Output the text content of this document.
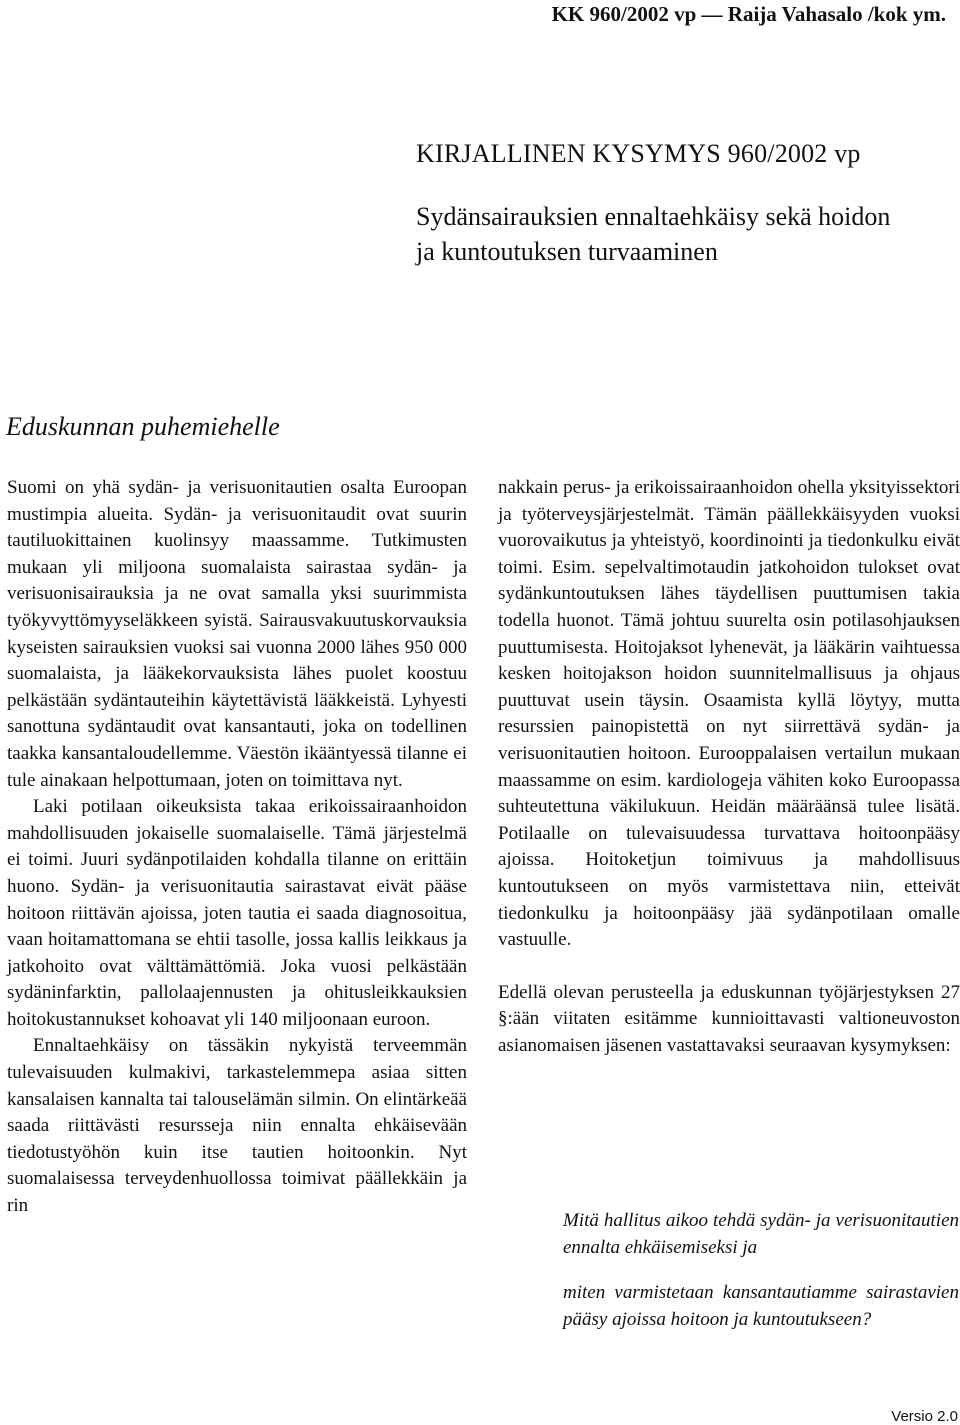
KK 960/2002 vp — Raija Vahasalo /kok ym.
KIRJALLINEN KYSYMYS 960/2002 vp
Sydänsairauksien ennaltaehkäisy sekä hoidon
ja kuntoutuksen turvaaminen
Eduskunnan puhemiehelle

Suomi on yhä sydän- ja verisuonitautien osalta Euroopan mustimpia alueita. Sydän- ja verisuonitaudit ovat suurin tautiluokittainen kuolinsyy maassamme. Tutkimusten mukaan yli miljoona suomalaista sairastaa sydän- ja verisuonisairauksia ja ne ovat samalla yksi suurimmista työkyvyttömyyseläkkeen syistä. Sairausvakuutuskorvauksia kyseisten sairauksien vuoksi sai vuonna 2000 lähes 950 000 suomalaista, ja lääkekorvauksista lähes puolet koostuu pelkästään sydäntauteihin käytettävistä lääkkeistä. Lyhyesti sanottuna sydäntaudit ovat kansantauti, joka on todellinen taakka kansantaloudellemme. Väestön ikääntyessä tilanne ei tule ainakaan helpottumaan, joten on toimittava nyt.

Laki potilaan oikeuksista takaa erikoissairaanhoidon mahdollisuuden jokaiselle suomalaiselle. Tämä järjestelmä ei toimi. Juuri sydänpotilaiden kohdalla tilanne on erittäin huono. Sydän- ja verisuonitautia sairastavat eivät pääse hoitoon riittävän ajoissa, joten tautia ei saada diagnosoitua, vaan hoitamattomana se ehtii tasolle, jossa kallis leikkaus ja jatkohoito ovat välttämättömiä. Joka vuosi pelkästään sydäninfarktin, pallolaajennusten ja ohitusleikkauksien hoitokustannukset kohoavat yli 140 miljoonaan euroon.

Ennaltaehkäisy on tässäkin nykyistä terveemmän tulevaisuuden kulmakivi, tarkastelemmepa asiaa sitten kansalaisen kannalta tai talouselämän silmin. On elintärkeää saada riittävästi resursseja niin ennalta ehkäisevään tiedotustyöhön kuin itse tautien hoitoonkin. Nyt suomalaisessa terveydenhuollossa toimivat päällekkäin ja rin

nakkain perus- ja erikoissairaanhoidon ohella yksityissektori ja työterveysjärjestelmät. Tämän päällekkäisyyden vuoksi vuorovaikutus ja yhteistyö, koordinointi ja tiedonkulku eivät toimi. Esim. sepelvaltimotaudin jatkohoidon tulokset ovat sydänkuntoutuksen lähes täydellisen puuttumisen takia todella huonot. Tämä johtuu suurelta osin potilasohjauksen puuttumisesta. Hoitojaksot lyhenevät, ja lääkärin vaihtuessa kesken hoitojakson hoidon suunnitelmallisuus ja ohjaus puuttuvat usein täysin. Osaamista kyllä löytyy, mutta resurssien painopistettä on nyt siirrettävä sydän- ja verisuonitautien hoitoon. Eurooppalaisen vertailun mukaan maassamme on esim. kardiologeja vähiten koko Euroopassa suhteutettuna väkilukuun. Heidän määräänsä tulee lisätä. Potilaalle on tulevaisuudessa turvattava hoitoonpääsy ajoissa. Hoitoketjun toimivuus ja mahdollisuus kuntoutukseen on myös varmistettava niin, etteivät tiedonkulku ja hoitoonpääsy jää sydänpotilaan omalle vastuulle.

Edellä olevan perusteella ja eduskunnan työjärjestyksen 27 §:ään viitaten esitämme kunnioittavasti valtioneuvoston asianomaisen jäsenen vastattavaksi seuraavan kysymyksen:

Mitä hallitus aikoo tehdä sydän- ja verisuonitautien ennalta ehkäisemiseksi ja
miten varmistetaan kansantautiamme sairastavien pääsy ajoissa hoitoon ja kuntoutukseen?
Versio 2.0
